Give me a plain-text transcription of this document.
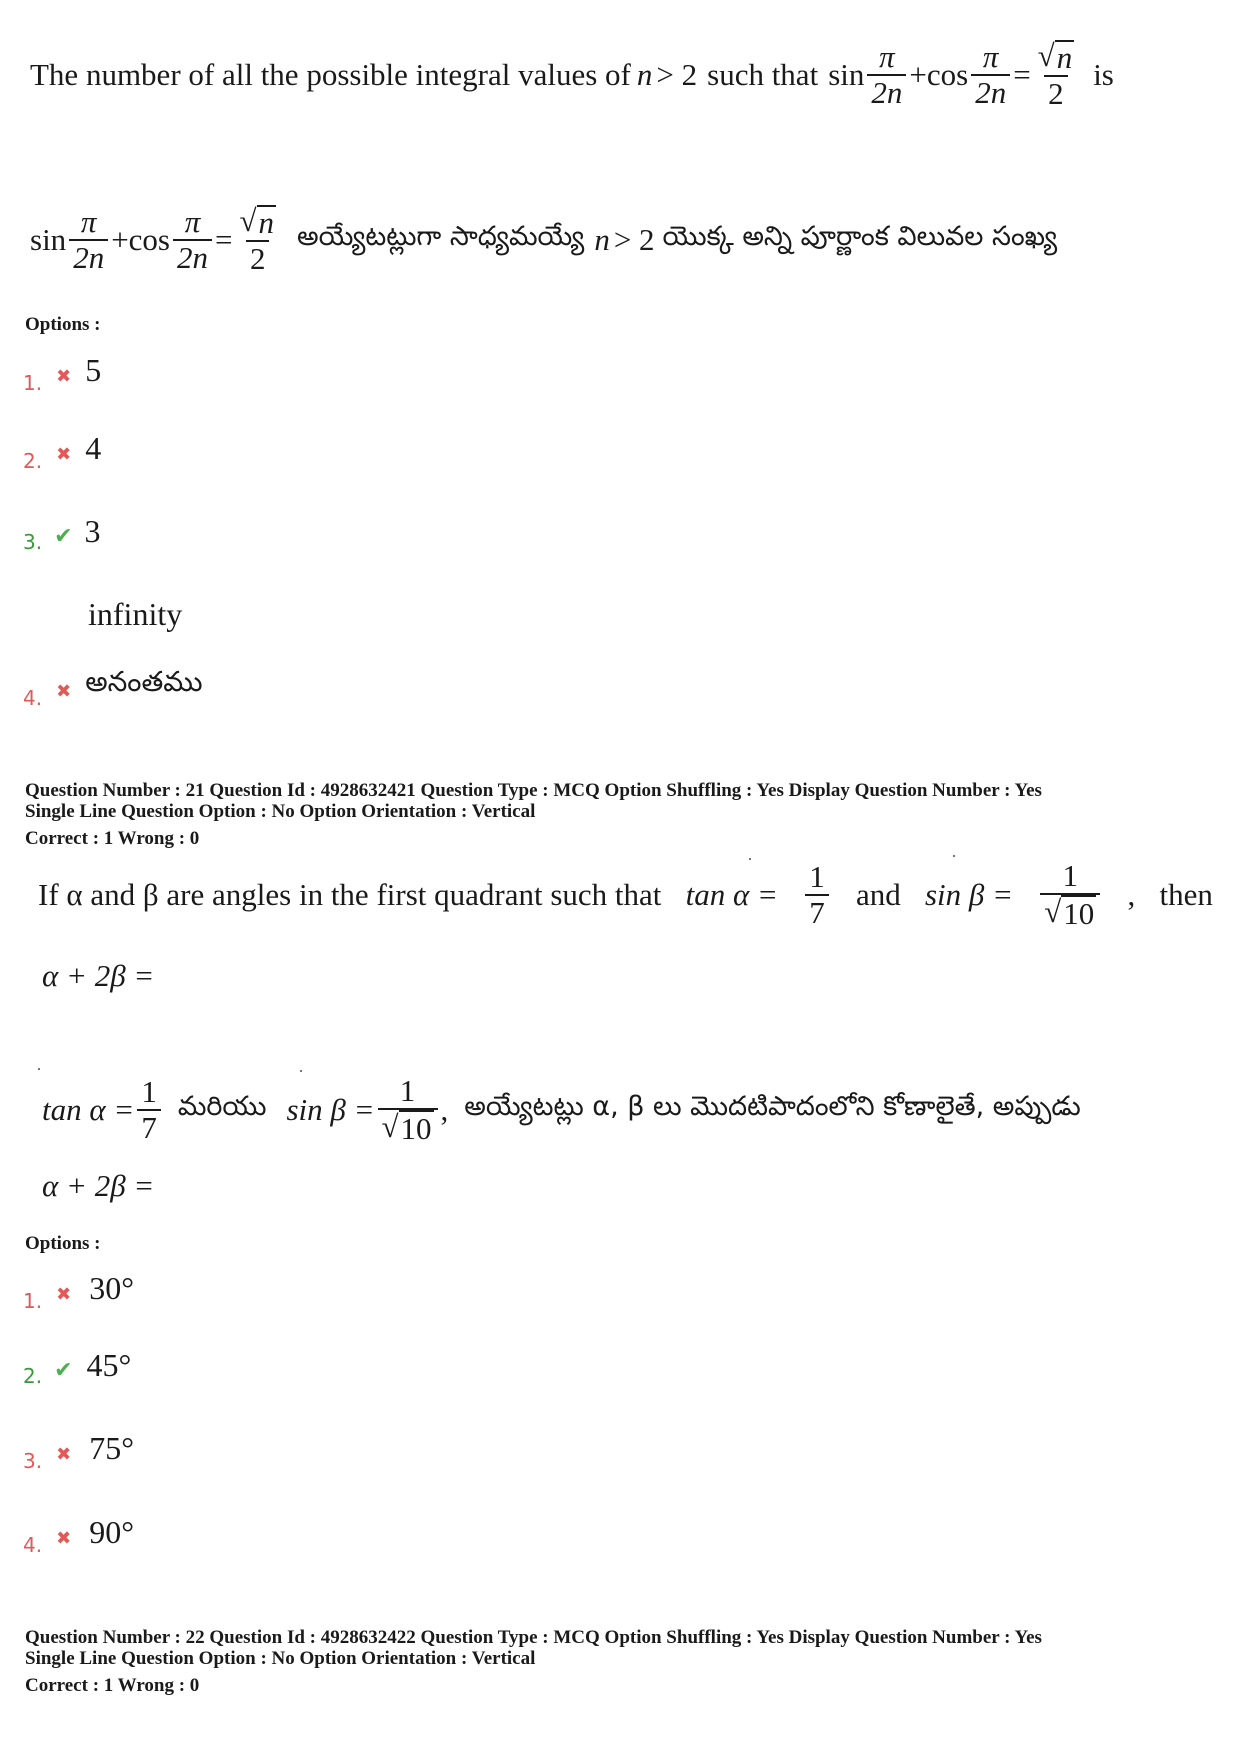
The number of all the possible integral values of n > 2 such that $\sin \frac{\pi}{2n} + \cos \frac{\pi}{2n} = \frac{√ n}{2}$ is
$\sin \frac{\pi}{2n} + \cos \frac{\pi}{2n} = \frac{√ n}{2}$ అయ్యేటట్లుగా సాధ్యమయ్యే n > 2 యొక్క అన్ని పూర్ణాంక విలువల సంఖ్య
Options :
1. ✖ 5
2. ✖ 4
3. ✔ 3
infinity
4. ✖ అనంతము
Question Number : 21 Question Id : 4928632421 Question Type : MCQ Option Shuffling : Yes Display Question Number : Yes
Single Line Question Option : No Option Orientation : Vertical
Correct : 1 Wrong : 0
If α and β are angles in the first quadrant such that $\tan \alpha = \frac{1}{7}$ and $\sin \beta = \frac{1}{√ 10}$ , then
α + 2β =
$\tan \alpha = \frac{1}{7}$ మరియు $\sin \beta = \frac{1}{√ 10}$ , అయ్యేటట్లు α, β లు మొదటిపాదంలోని కోణాలైతే, అప్పుడు
α + 2β =
Options :
1. ✖ 30°
2. ✔ 45°
3. ✖ 75°
4. ✖ 90°
Question Number : 22 Question Id : 4928632422 Question Type : MCQ Option Shuffling : Yes Display Question Number : Yes
Single Line Question Option : No Option Orientation : Vertical
Correct : 1 Wrong : 0
